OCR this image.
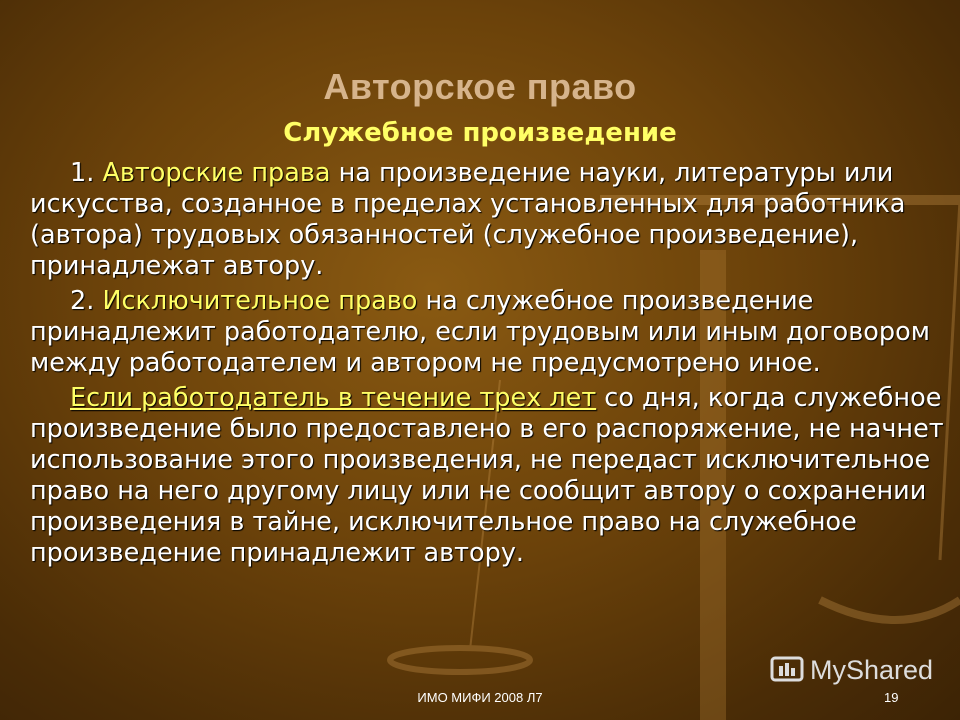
Авторское право
Служебное произведение

1. Авторские права на произведение науки, литературы или искусства, созданное в пределах установленных для работника (автора) трудовых обязанностей (служебное произведение), принадлежат автору.

2. Исключительное право на служебное произведение принадлежит работодателю, если трудовым или иным договором между работодателем и автором не предусмотрено иное.

Если работодатель в течение трех лет со дня, когда служебное произведение было предоставлено в его распоряжение, не начнет использование этого произведения, не передаст исключительное право на него другому лицу или не сообщит автору о сохранении произведения в тайне, исключительное право на служебное произведение принадлежит автору.

MyShared
ИМО МИФИ 2008 Л7	19
